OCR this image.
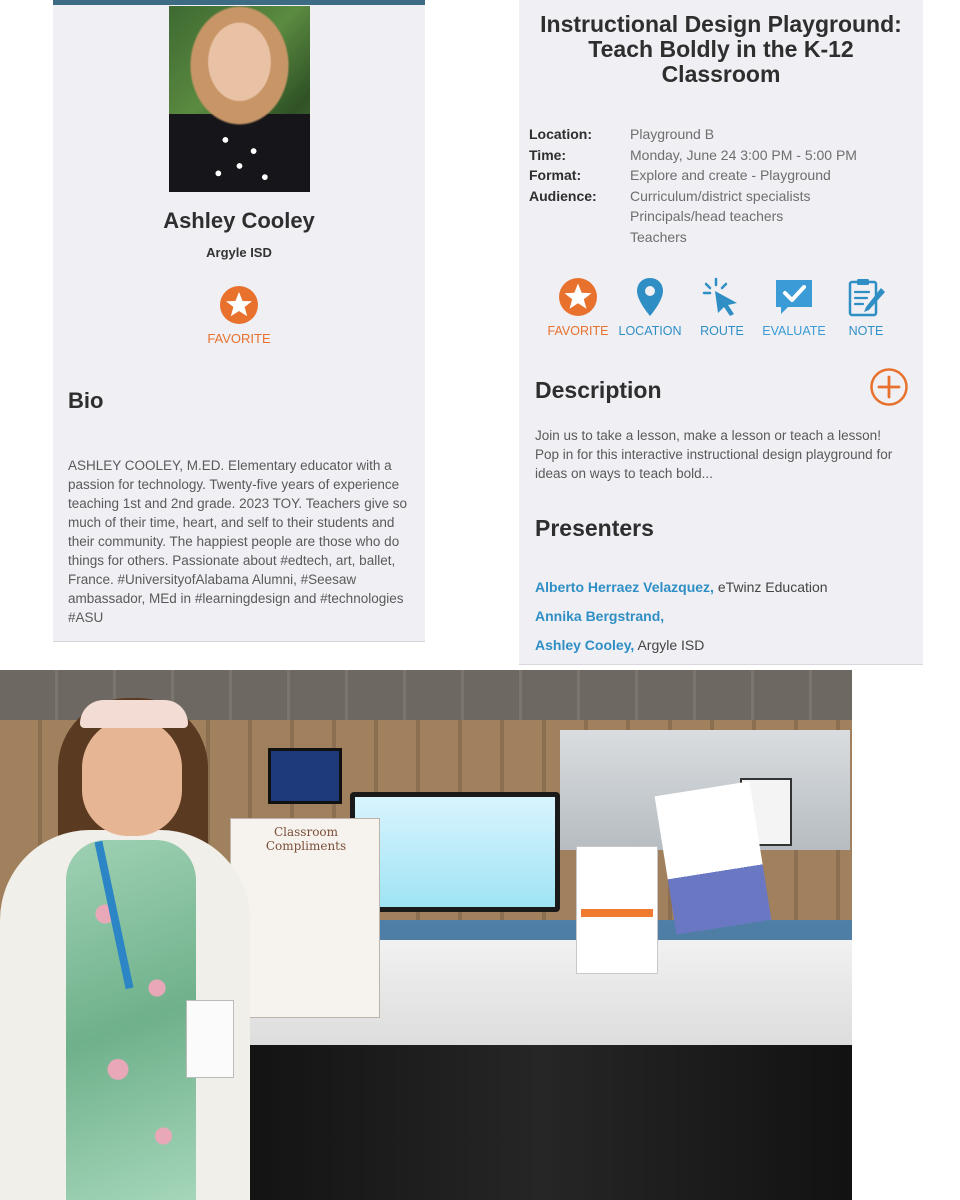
Ashley Cooley
Argyle ISD
FAVORITE
Bio
ASHLEY COOLEY, M.ED. Elementary educator with a passion for technology. Twenty-five years of experience teaching 1st and 2nd grade. 2023 TOY. Teachers give so much of their time, heart, and self to their students and their community. The happiest people are those who do things for others. Passionate about #edtech, art, ballet, France. #UniversityofAlabama Alumni, #Seesaw ambassador, MEd in #learningdesign and #technologies #ASU
Instructional Design Playground: Teach Boldly in the K-12 Classroom
Location:	Playground B
Time:	Monday, June 24 3:00 PM - 5:00 PM
Format:	Explore and create - Playground
Audience:	Curriculum/district specialists
Principals/head teachers
Teachers
FAVORITE LOCATION	ROUTE	EVALUATE	NOTE
Description
Join us to take a lesson, make a lesson or teach a lesson! Pop in for this interactive instructional design playground for ideas on ways to teach bold...
Presenters
Alberto Herraez Velazquez, eTwinz Education
Annika Bergstrand,
Ashley Cooley, Argyle ISD
Classroom Compliments
